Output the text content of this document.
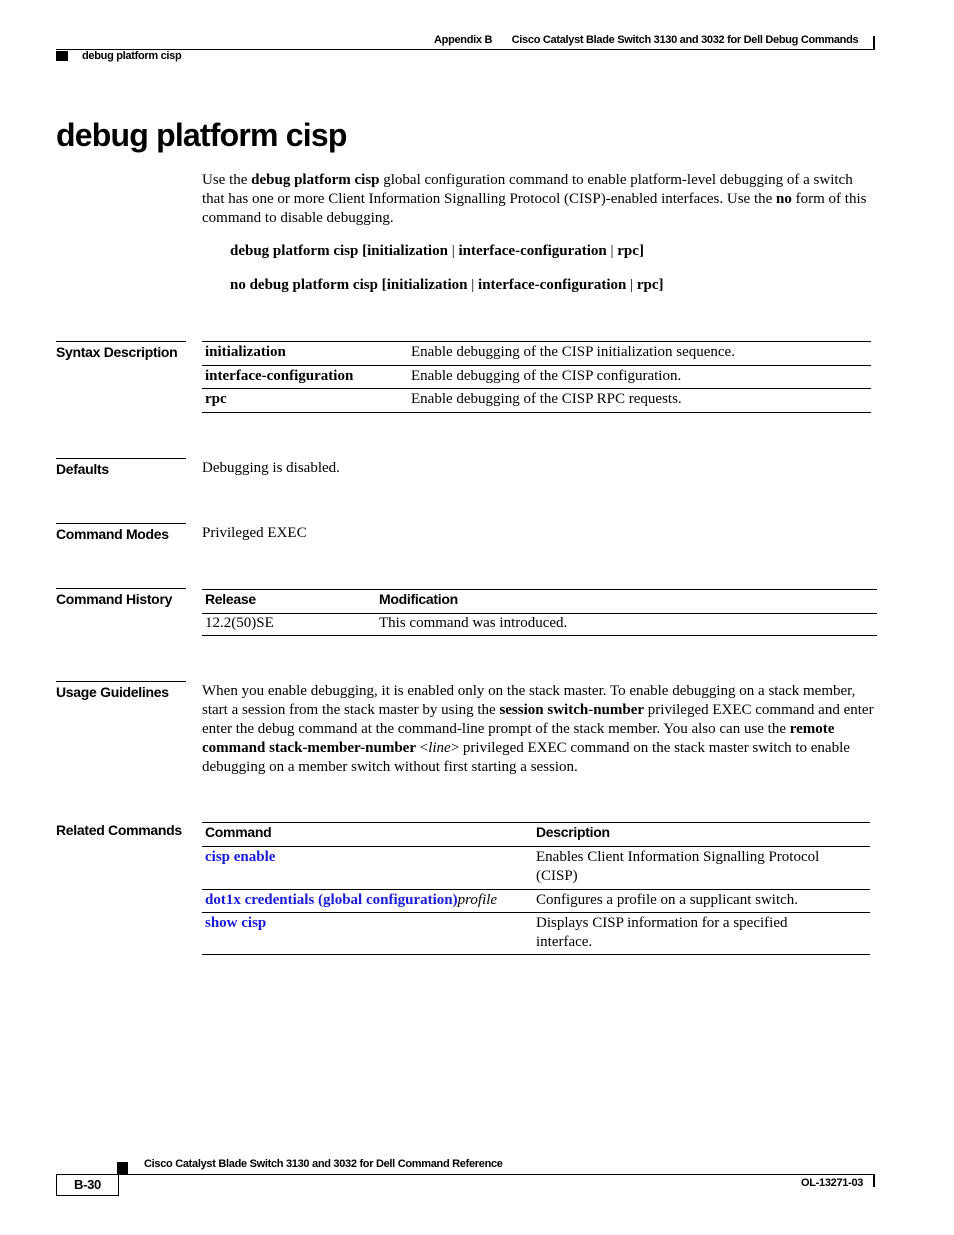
Appendix B Cisco Catalyst Blade Switch 3130 and 3032 for Dell Debug Commands
debug platform cisp
debug platform cisp
Use the debug platform cisp global configuration command to enable platform-level debugging of a switch that has one or more Client Information Signalling Protocol (CISP)-enabled interfaces. Use the no form of this command to disable debugging.
debug platform cisp [initialization | interface-configuration | rpc]
no debug platform cisp [initialization | interface-configuration | rpc]
Syntax Description	initialization	Enable debugging of the CISP initialization sequence.
interface-configuration	Enable debugging of the CISP configuration.
rpc	Enable debugging of the CISP RPC requests.
Defaults	Debugging is disabled.
Command Modes	Privileged EXEC
Command History	Release	Modification
12.2(50)SE	This command was introduced.
Usage Guidelines	When you enable debugging, it is enabled only on the stack master. To enable debugging on a stack member, start a session from the stack master by using the session switch-number privileged EXEC command and enter enter the debug command at the command-line prompt of the stack member. You also can use the remote command stack-member-number <line> privileged EXEC command on the stack master switch to enable debugging on a member switch without first starting a session.
Related Commands Command	Description
cisp enable	Enables Client Information Signalling Protocol (CISP)
dot1x credentials (global configuration)profile	Configures a profile on a supplicant switch.
show cisp	Displays CISP information for a specified interface.
Cisco Catalyst Blade Switch 3130 and 3032 for Dell Command Reference
B-30	OL-13271-03
